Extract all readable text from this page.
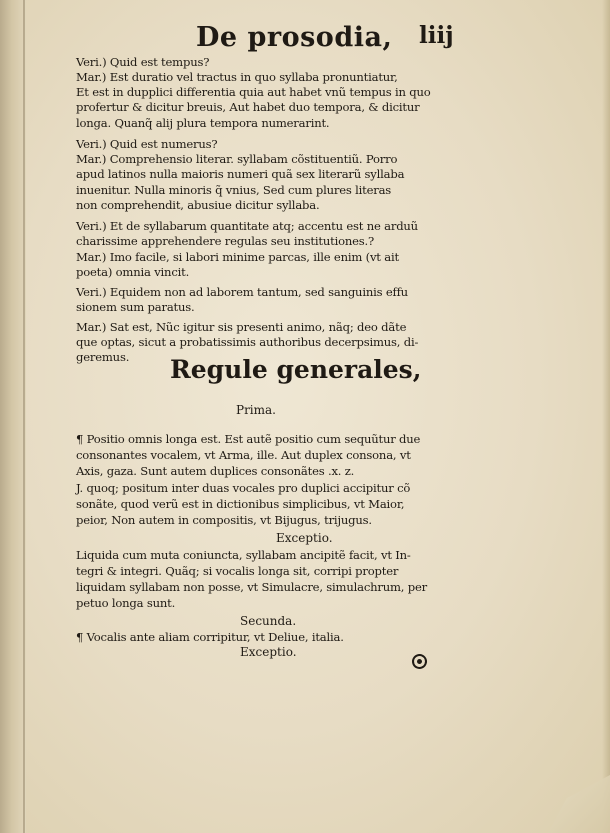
De prosodia, liij
Veri.) Quid est tempus?
Mar.) Est duratio vel tractus in quo syllaba pronuntiatur,
Et est in dupplici differentia quia aut habet vnũ tempus in quo
profertur & dicitur breuis, Aut habet duo tempora, & dicitur
longa. Quanq̃ alij plura tempora numerarint.
Veri.) Quid est numerus?
Mar.) Comprehensio literar. syllabam cõstituentiũ. Porro
apud latinos nulla maioris numeri quã sex literarũ syllaba
inuenitur. Nulla minoris q̃ vnius, Sed cum plures literas
non comprehendit, abusiue dicitur syllaba.
Veri.) Et de syllabarum quantitate atq; accentu est ne arduũ
charissime apprehendere regulas seu institutiones.?
Mar.) Imo facile, si labori minime parcas, ille enim (vt ait
poeta) omnia vincit.
Veri.) Equidem non ad laborem tantum, sed sanguinis effu
sionem sum paratus.
Mar.) Sat est, Nũc igitur sis presenti animo, nãq; deo dãte
que optas, sicut a probatissimis authoribus decerpsimus, di-
geremus. Regule generales,
Prima.
¶ Positio omnis longa est. Est autẽ positio cum sequũtur due
consonantes vocalem, vt Arma, ille. Aut duplex consona, vt
Axis, gaza. Sunt autem duplices consonãtes .x. z.
J. quoq; positum inter duas vocales pro duplici accipitur cõ
sonãte, quod verũ est in dictionibus simplicibus, vt Maior,
peior, Non autem in compositis, vt Bijugus, trijugus.
Exceptio.
Liquida cum muta coniuncta, syllabam ancipitẽ facit, vt In-
tegri & integri. Quãq; si vocalis longa sit, corripi propter
liquidam syllabam non posse, vt Simulacre, simulachrum, per
petuo longa sunt.
Secunda.
¶ Vocalis ante aliam corripitur, vt Deliue, italia.
Exceptio.
